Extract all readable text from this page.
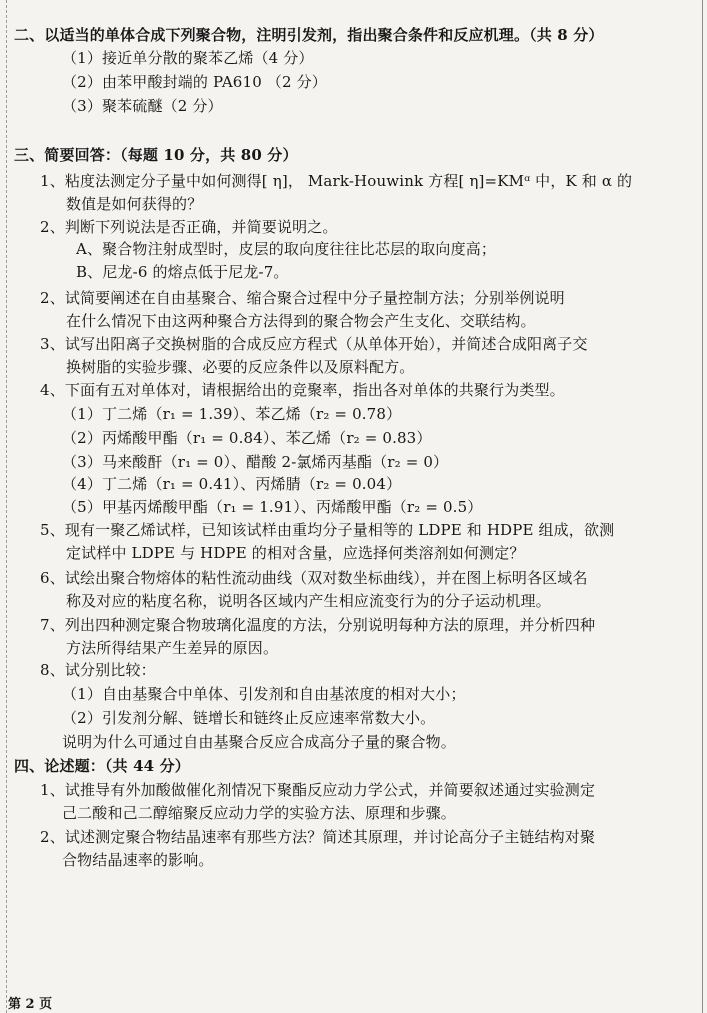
二、以适当的单体合成下列聚合物，注明引发剂，指出聚合条件和反应机理。（共 8 分）
（1）接近单分散的聚苯乙烯（4 分）
（2）由苯甲酸封端的 PA610 （2 分）
（3）聚苯硫醚（2 分）
三、简要回答：（每题 10 分，共 80 分）
1、粘度法测定分子量中如何测得[ η]， Mark-Houwink 方程[ η]=KMᵅ 中，K 和 α 的
数值是如何获得的？
2、判断下列说法是否正确，并简要说明之。
A、聚合物注射成型时，皮层的取向度往往比芯层的取向度高；
B、尼龙-6 的熔点低于尼龙-7。
2、试简要阐述在自由基聚合、缩合聚合过程中分子量控制方法；分别举例说明
在什么情况下由这两种聚合方法得到的聚合物会产生支化、交联结构。
3、试写出阳离子交换树脂的合成反应方程式（从单体开始），并简述合成阳离子交
换树脂的实验步骤、必要的反应条件以及原料配方。
4、下面有五对单体对，请根据给出的竞聚率，指出各对单体的共聚行为类型。
（1）丁二烯（r₁ = 1.39）、苯乙烯（r₂ = 0.78）
（2）丙烯酸甲酯（r₁ = 0.84）、苯乙烯（r₂ = 0.83）
（3）马来酸酐（r₁ = 0）、醋酸 2-氯烯丙基酯（r₂ = 0）
（4）丁二烯（r₁ = 0.41）、丙烯腈（r₂ = 0.04）
（5）甲基丙烯酸甲酯（r₁ = 1.91）、丙烯酸甲酯（r₂ = 0.5）
5、现有一聚乙烯试样，已知该试样由重均分子量相等的 LDPE 和 HDPE 组成，欲测
定试样中 LDPE 与 HDPE 的相对含量，应选择何类溶剂如何测定？
6、试绘出聚合物熔体的粘性流动曲线（双对数坐标曲线），并在图上标明各区域名
称及对应的粘度名称，说明各区域内产生相应流变行为的分子运动机理。
7、列出四种测定聚合物玻璃化温度的方法，分别说明每种方法的原理，并分析四种
方法所得结果产生差异的原因。
8、试分别比较：
（1）自由基聚合中单体、引发剂和自由基浓度的相对大小；
（2）引发剂分解、链增长和链终止反应速率常数大小。
说明为什么可通过自由基聚合反应合成高分子量的聚合物。
四、论述题：（共 44 分）
1、试推导有外加酸做催化剂情况下聚酯反应动力学公式，并简要叙述通过实验测定
己二酸和己二醇缩聚反应动力学的实验方法、原理和步骤。
2、试述测定聚合物结晶速率有那些方法？简述其原理，并讨论高分子主链结构对聚
合物结晶速率的影响。
第 2 页
